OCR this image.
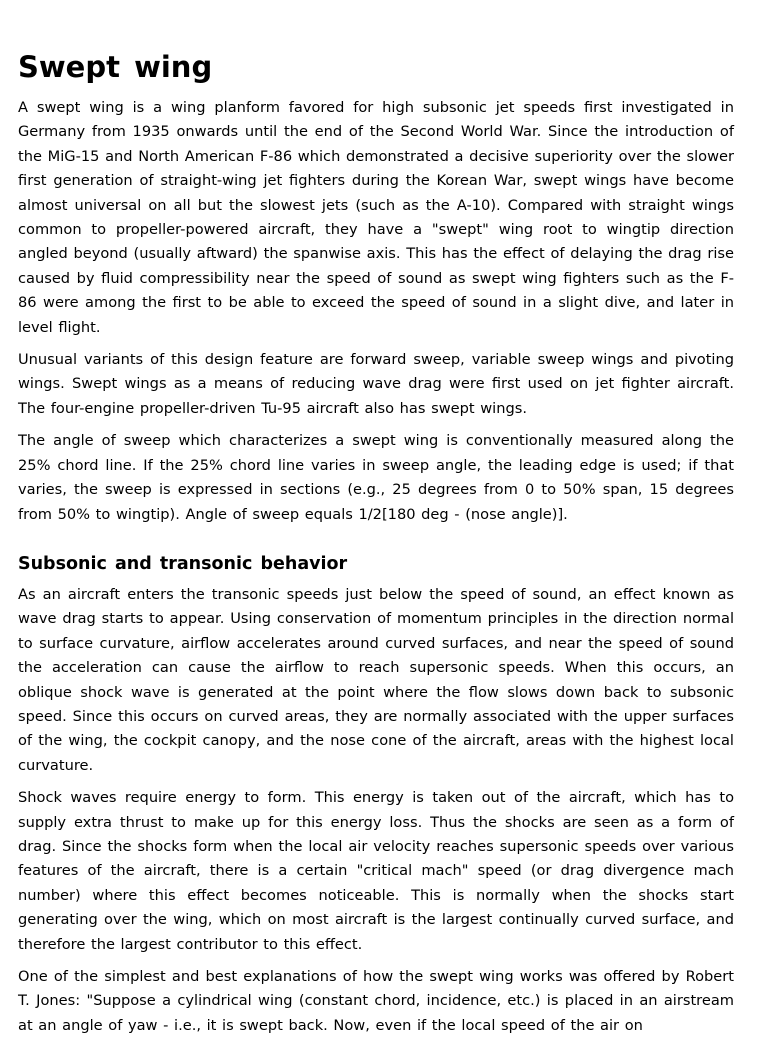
Swept wing

A swept wing is a wing planform favored for high subsonic jet speeds first investigated in Germany from 1935 onwards until the end of the Second World War. Since the introduction of the MiG-15 and North American F-86 which demonstrated a decisive superiority over the slower first generation of straight-wing jet fighters during the Korean War, swept wings have become almost universal on all but the slowest jets (such as the A-10). Compared with straight wings common to propeller-powered aircraft, they have a "swept" wing root to wingtip direction angled beyond (usually aftward) the spanwise axis. This has the effect of delaying the drag rise caused by fluid compressibility near the speed of sound as swept wing fighters such as the F-86 were among the first to be able to exceed the speed of sound in a slight dive, and later in level flight.

Unusual variants of this design feature are forward sweep, variable sweep wings and pivoting wings. Swept wings as a means of reducing wave drag were first used on jet fighter aircraft. The four-engine propeller-driven Tu-95 aircraft also has swept wings.

The angle of sweep which characterizes a swept wing is conventionally measured along the 25% chord line. If the 25% chord line varies in sweep angle, the leading edge is used; if that varies, the sweep is expressed in sections (e.g., 25 degrees from 0 to 50% span, 15 degrees from 50% to wingtip). Angle of sweep equals 1/2[180 deg - (nose angle)].

Subsonic and transonic behavior

As an aircraft enters the transonic speeds just below the speed of sound, an effect known as wave drag starts to appear. Using conservation of momentum principles in the direction normal to surface curvature, airflow accelerates around curved surfaces, and near the speed of sound the acceleration can cause the airflow to reach supersonic speeds. When this occurs, an oblique shock wave is generated at the point where the flow slows down back to subsonic speed. Since this occurs on curved areas, they are normally associated with the upper surfaces of the wing, the cockpit canopy, and the nose cone of the aircraft, areas with the highest local curvature.

Shock waves require energy to form. This energy is taken out of the aircraft, which has to supply extra thrust to make up for this energy loss. Thus the shocks are seen as a form of drag. Since the shocks form when the local air velocity reaches supersonic speeds over various features of the aircraft, there is a certain "critical mach" speed (or drag divergence mach number) where this effect becomes noticeable. This is normally when the shocks start generating over the wing, which on most aircraft is the largest continually curved surface, and therefore the largest contributor to this effect.

One of the simplest and best explanations of how the swept wing works was offered by Robert T. Jones: "Suppose a cylindrical wing (constant chord, incidence, etc.) is placed in an airstream at an angle of yaw - i.e., it is swept back. Now, even if the local speed of the air on
